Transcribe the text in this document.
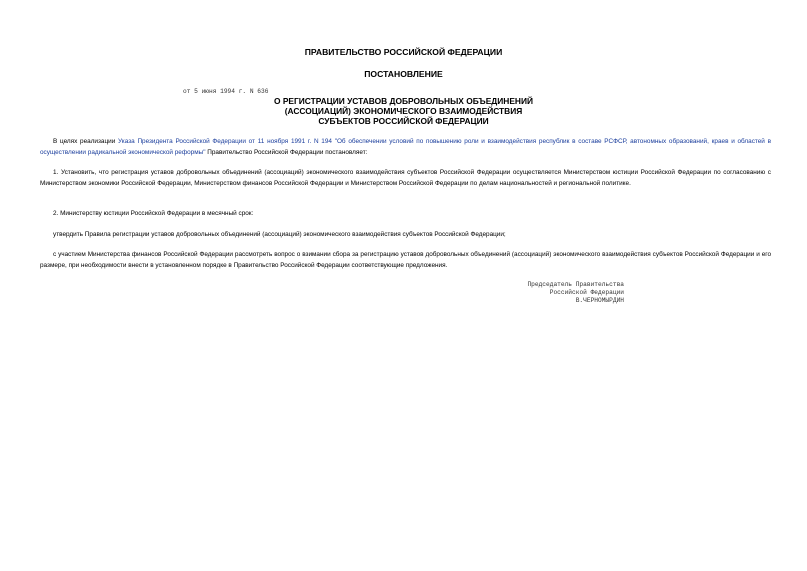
ПРАВИТЕЛЬСТВО РОССИЙСКОЙ ФЕДЕРАЦИИ
ПОСТАНОВЛЕНИЕ
от 5 июня 1994 г. N 636
О РЕГИСТРАЦИИ УСТАВОВ ДОБРОВОЛЬНЫХ ОБЪЕДИНЕНИЙ
(АССОЦИАЦИЙ) ЭКОНОМИЧЕСКОГО ВЗАИМОДЕЙСТВИЯ
СУБЪЕКТОВ РОССИЙСКОЙ ФЕДЕРАЦИИ
В целях реализации Указа Президента Российской Федерации от 11 ноября 1991 г. N 194 "Об обеспечении условий по повышению роли и взаимодействия республик в составе РСФСР, автономных образований, краев и областей в осуществлении радикальной экономической реформы" Правительство Российской Федерации постановляет:
1. Установить, что регистрация уставов добровольных объединений (ассоциаций) экономического взаимодействия субъектов Российской Федерации осуществляется Министерством юстиции Российской Федерации по согласованию с Министерством экономики Российской Федерации, Министерством финансов Российской Федерации и Министерством Российской Федерации по делам национальностей и региональной политике.
2. Министерству юстиции Российской Федерации в месячный срок:
утвердить Правила регистрации уставов добровольных объединений (ассоциаций) экономического взаимодействия субъектов Российской Федерации;
с участием Министерства финансов Российской Федерации рассмотреть вопрос о взимании сбора за регистрацию уставов добровольных объединений (ассоциаций) экономического взаимодействия субъектов Российской Федерации и его размере, при необходимости внести в установленном порядке в Правительство Российской Федерации соответствующие предложения.
Председатель Правительства
Российской Федерации
В.ЧЕРНОМЫРДИН
